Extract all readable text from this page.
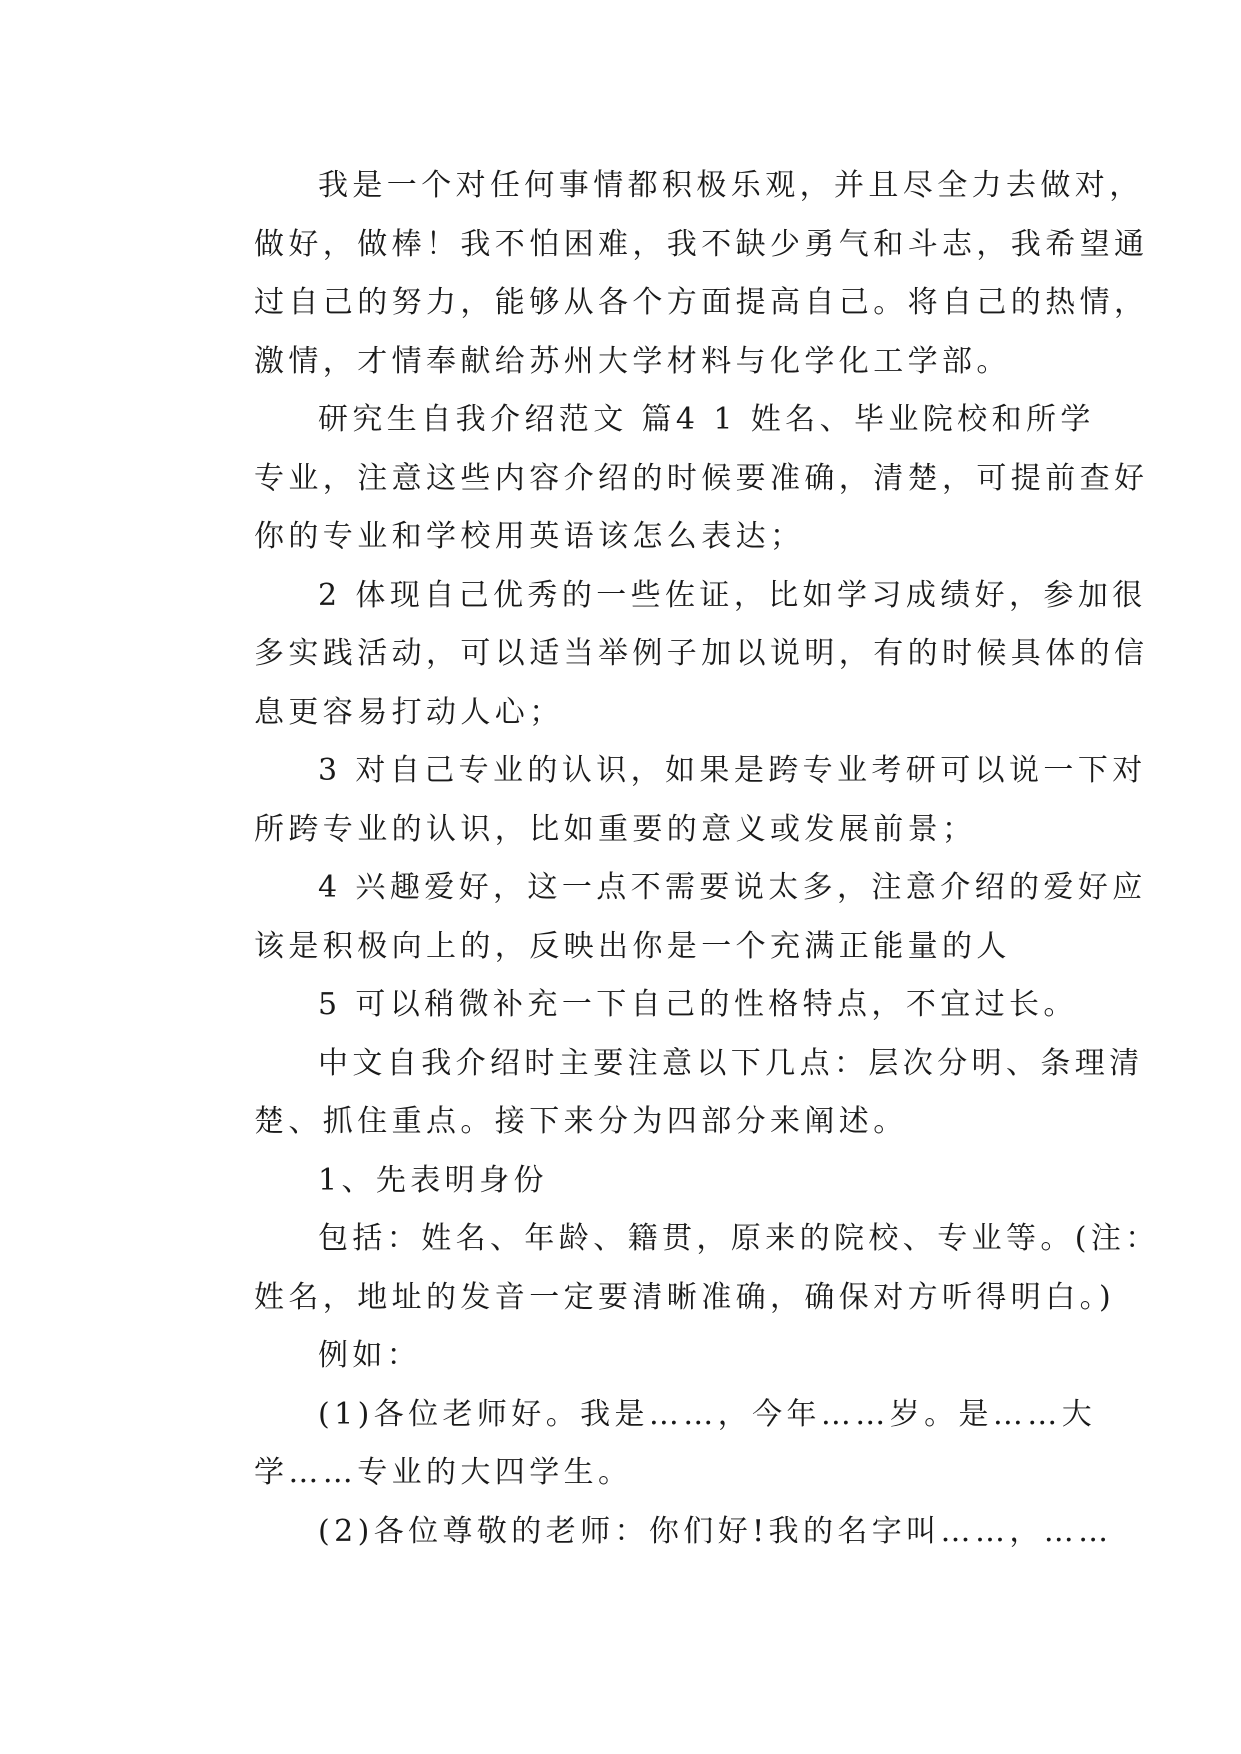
我是一个对任何事情都积极乐观，并且尽全力去做对，
做好，做棒！我不怕困难，我不缺少勇气和斗志，我希望通
过自己的努力，能够从各个方面提高自己。将自己的热情，
激情，才情奉献给苏州大学材料与化学化工学部。
研究生自我介绍范文 篇4 1 姓名、毕业院校和所学
专业，注意这些内容介绍的时候要准确，清楚，可提前查好
你的专业和学校用英语该怎么表达；
2 体现自己优秀的一些佐证，比如学习成绩好，参加很
多实践活动，可以适当举例子加以说明，有的时候具体的信
息更容易打动人心；
3 对自己专业的认识，如果是跨专业考研可以说一下对
所跨专业的认识，比如重要的意义或发展前景；
4 兴趣爱好，这一点不需要说太多，注意介绍的爱好应
该是积极向上的，反映出你是一个充满正能量的人
5 可以稍微补充一下自己的性格特点，不宜过长。
中文自我介绍时主要注意以下几点：层次分明、条理清
楚、抓住重点。接下来分为四部分来阐述。
1、先表明身份
包括：姓名、年龄、籍贯，原来的院校、专业等。(注：
姓名，地址的发音一定要清晰准确，确保对方听得明白。)
例如：
(1)各位老师好。我是……，今年……岁。是……大
学……专业的大四学生。
(2)各位尊敬的老师：你们好!我的名字叫……，……
